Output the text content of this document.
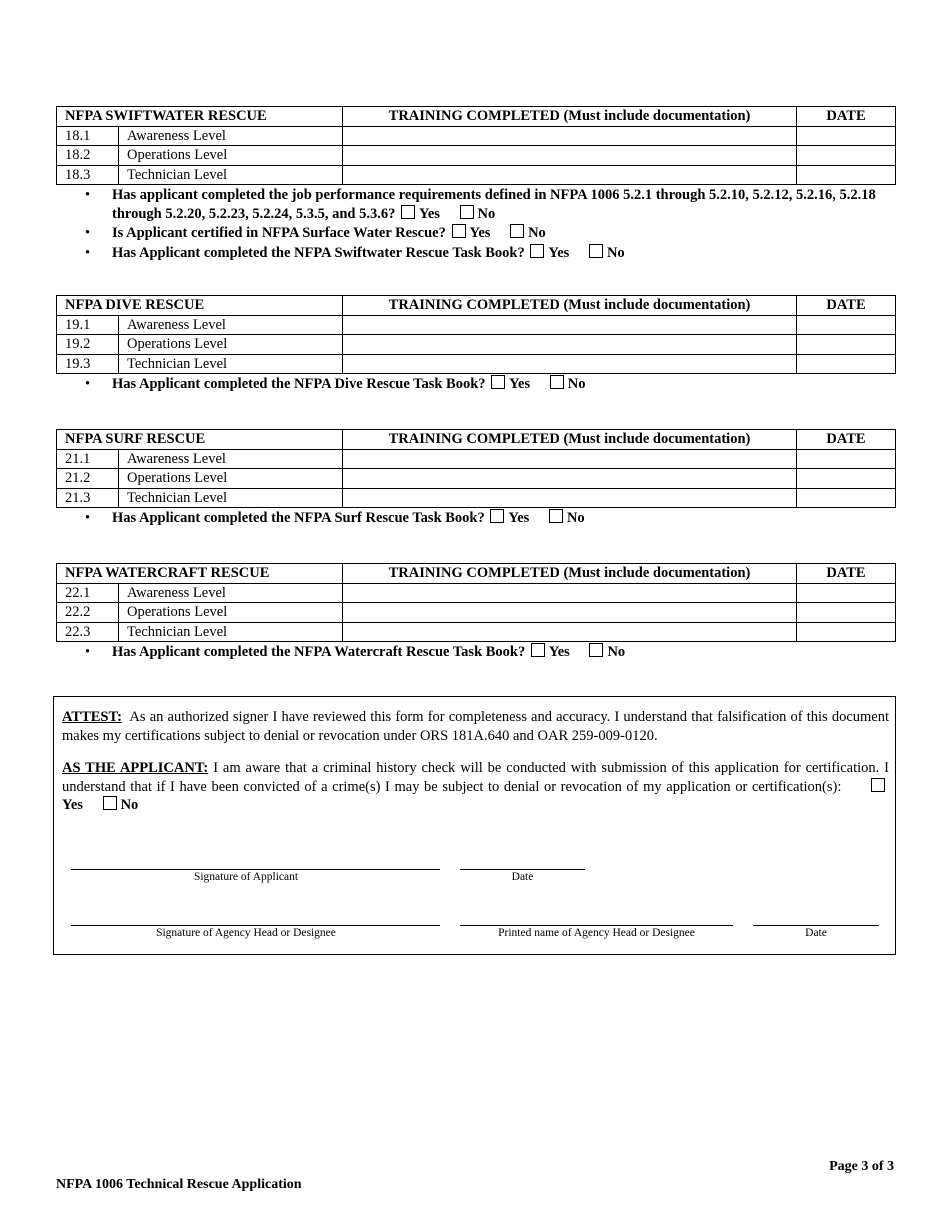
NFPA SWIFTWATER RESCUE		TRAINING COMPLETED (Must include documentation)	DATE
18.1	Awareness Level		
18.2	Operations Level		
18.3	Technician Level		
• Has applicant completed the job performance requirements defined in NFPA 1006 5.2.1 through 5.2.10, 5.2.12, 5.2.16, 5.2.18 through 5.2.20, 5.2.23, 5.2.24, 5.3.5, and 5.3.6? Yes	No
• Is Applicant certified in NFPA Surface Water Rescue? Yes	No
• Has Applicant completed the NFPA Swiftwater Rescue Task Book? Yes	No
NFPA DIVE RESCUE		TRAINING COMPLETED (Must include documentation)	DATE
19.1	Awareness Level		
19.2	Operations Level		
19.3	Technician Level		
• Has Applicant completed the NFPA Dive Rescue Task Book? Yes	No
NFPA SURF RESCUE		TRAINING COMPLETED (Must include documentation)	DATE
21.1	Awareness Level		
21.2	Operations Level		
21.3	Technician Level		
• Has Applicant completed the NFPA Surf Rescue Task Book? Yes	No
NFPA WATERCRAFT RESCUE		TRAINING COMPLETED (Must include documentation)	DATE
22.1	Awareness Level		
22.2	Operations Level		
22.3	Technician Level		
• Has Applicant completed the NFPA Watercraft Rescue Task Book? Yes	No

ATTEST: As an authorized signer I have reviewed this form for completeness and accuracy. I understand that falsification of this document makes my certifications subject to denial or revocation under ORS 181A.640 and OAR 259-009-0120.

AS THE APPLICANT: I am aware that a criminal history check will be conducted with submission of this application for certification. I understand that if I have been convicted of a crime(s) I may be subject to denial or revocation of my application or certification(s):      Yes	No

Signature of Applicant	Date
Signature of Agency Head or Designee	Printed name of Agency Head or Designee	Date
Page 3 of 3
NFPA 1006 Technical Rescue Application
